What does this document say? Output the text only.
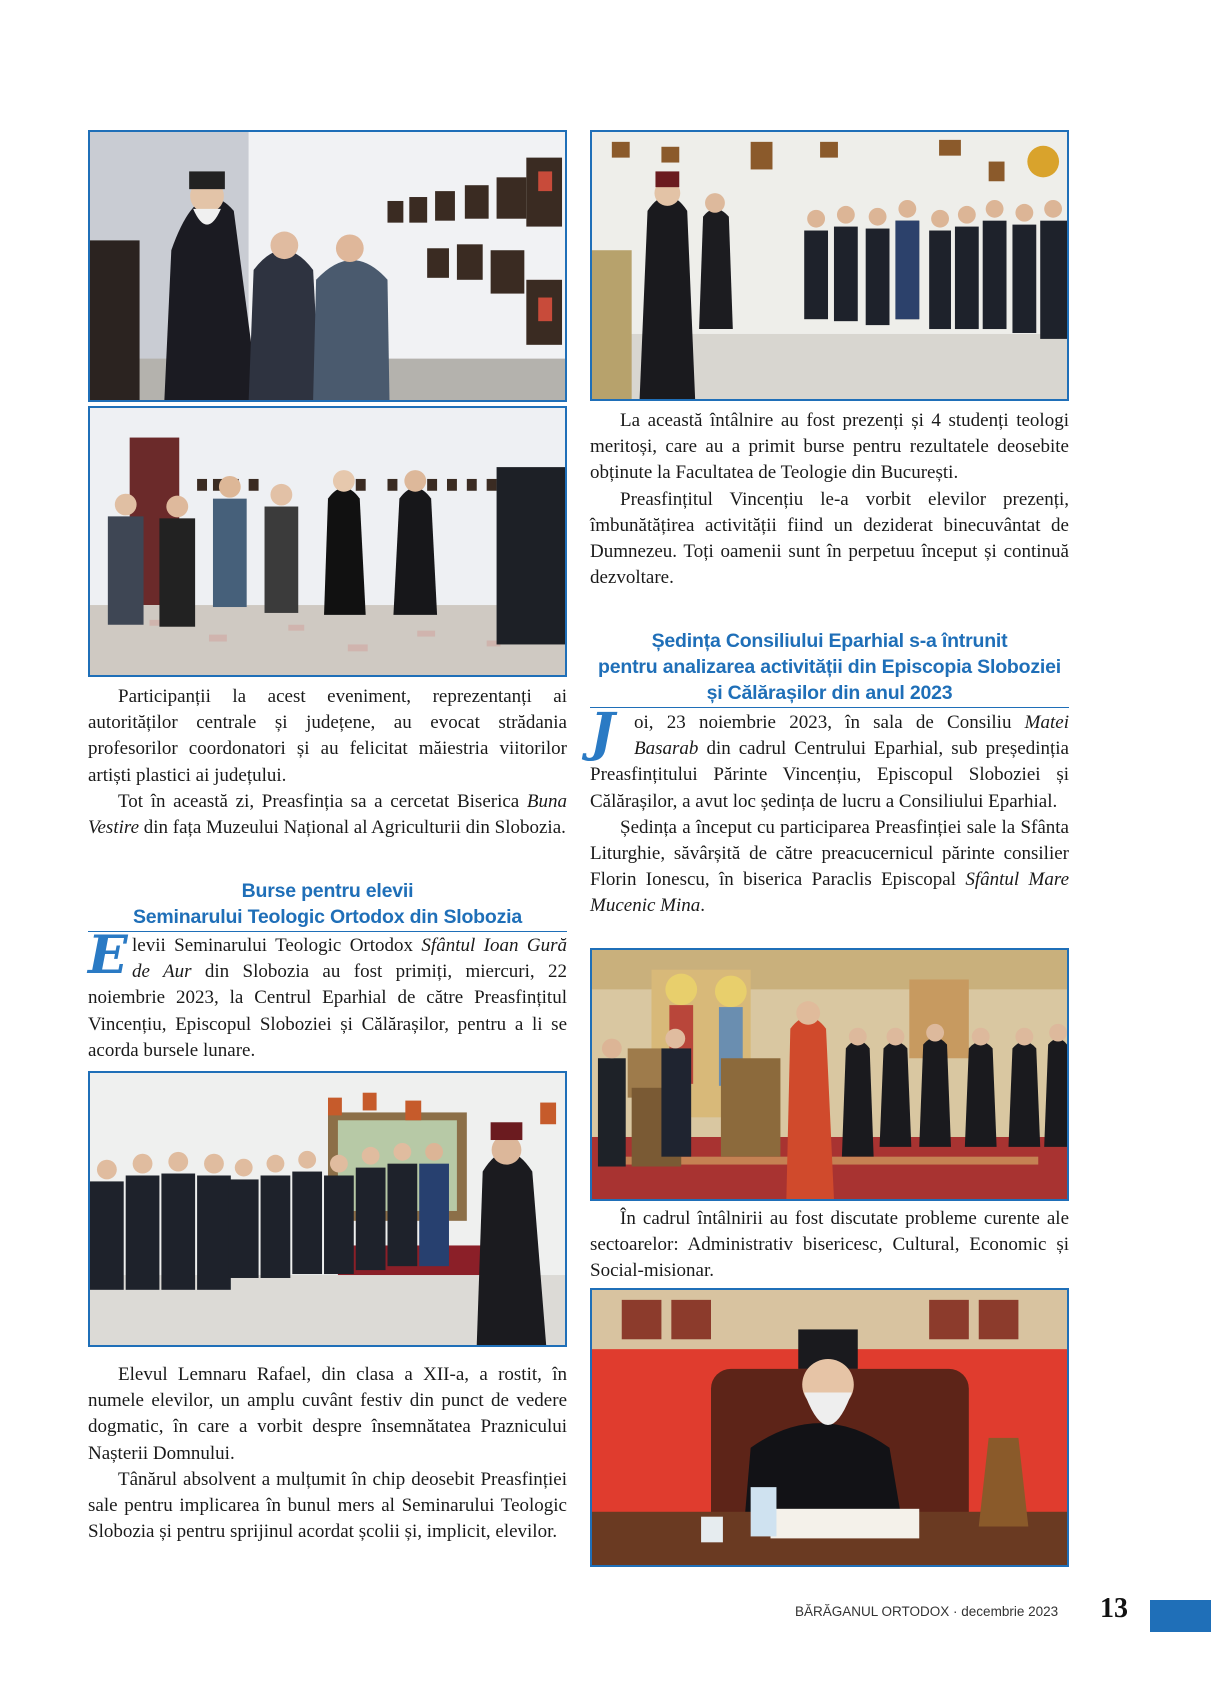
Participanții la acest eveniment, reprezentanți ai autorităților centrale și județene, au evocat strădania profesorilor coordonatori și au felicitat măiestria viitorilor artiști plastici ai județului.

Tot în această zi, Preasfinția sa a cercetat Biserica Buna Vestire din fața Muzeului Național al Agriculturii din Slobozia.

Burse pentru elevii
Seminarului Teologic Ortodox din Slobozia

E levii Seminarului Teologic Ortodox Sfântul Ioan Gură de Aur din Slobozia au fost primiți, miercuri, 22 noiembrie 2023, la Centrul Eparhial de către Preasfințitul Vincențiu, Episcopul Sloboziei și Călărașilor, pentru a li se acorda bursele lunare.

Elevul Lemnaru Rafael, din clasa a XII-a, a rostit, în numele elevilor, un amplu cuvânt festiv din punct de vedere dogmatic, în care a vorbit despre însemnătatea Praznicului Nașterii Domnului.

Tânărul absolvent a mulțumit în chip deosebit Preasfinției sale pentru implicarea în bunul mers al Seminarului Teologic Slobozia și pentru sprijinul acordat școlii și, implicit, elevilor.

La această întâlnire au fost prezenți și 4 studenți teologi meritoși, care au a primit burse pentru rezultatele deosebite obținute la Facultatea de Teologie din București.

Preasfințitul Vincențiu le-a vorbit elevilor prezenți, îmbunătățirea activității fiind un deziderat binecuvântat de Dumnezeu. Toți oamenii sunt în perpetuu început și continuă dezvoltare.

Ședința Consiliului Eparhial s-a întrunit
pentru analizarea activității din Episcopia Sloboziei
și Călărașilor din anul 2023

J oi, 23 noiembrie 2023, în sala de Consiliu Matei Basarab din cadrul Centrului Eparhial, sub președinția Preasfințitului Părinte Vincențiu, Episcopul Sloboziei și Călărașilor, a avut loc ședința de lucru a Consiliului Eparhial.

Ședința a început cu participarea Preasfinției sale la Sfânta Liturghie, săvârșită de către preacucernicul părinte consilier Florin Ionescu, în biserica Paraclis Episcopal Sfântul Mare Mucenic Mina.

În cadrul întâlnirii au fost discutate probleme curente ale sectoarelor: Administrativ bisericesc, Cultural, Economic și Social-misionar.

BĂRĂGANUL ORTODOX · decembrie 2023 13
